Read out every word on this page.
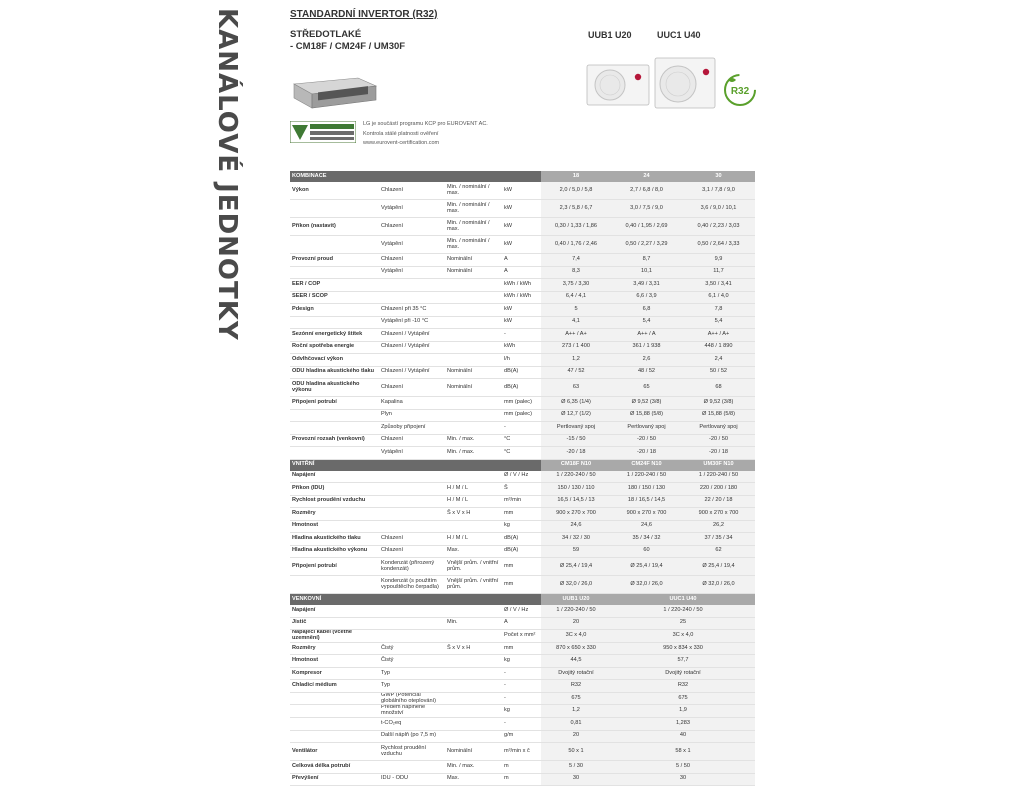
KANÁLOVÉ JEDNOTKY	STANDARDNÍ INVERTOR (R32)
STŘEDOTLAKÉ
- CM18F / CM24F / UM30F
UUB1 U20	UUC1 U40
R32
LG je součástí programu KCP pro EUROVENT AC.
Kontrola stálé platnosti ověření
www.eurovent-certification.com
KOMBINACE				18	24	30
Výkon	Chlazení	Min. / nominální / max.	kW	2,0 / 5,0 / 5,8	2,7 / 6,8 / 8,0	3,1 / 7,8 / 9,0
	Vytápění	Min. / nominální / max.	kW	2,3 / 5,8 / 6,7	3,0 / 7,5 / 9,0	3,6 / 9,0 / 10,1
Příkon (nastavit)	Chlazení	Min. / nominální / max.	kW	0,30 / 1,33 / 1,86	0,40 / 1,95 / 2,69	0,40 / 2,23 / 3,03
	Vytápění	Min. / nominální / max.	kW	0,40 / 1,76 / 2,46	0,50 / 2,27 / 3,29	0,50 / 2,64 / 3,33
Provozní proud	Chlazení	Nominální	A	7,4	8,7	9,9
	Vytápění	Nominální	A	8,3	10,1	11,7
EER / COP			kWh / kWh	3,75 / 3,30	3,49 / 3,31	3,50 / 3,41
SEER / SCOP			kWh / kWh	6,4 / 4,1	6,6 / 3,9	6,1 / 4,0
Pdesign	Chlazení při 35 °C		kW	5	6,8	7,8
	Vytápění při -10 °C		kW	4,1	5,4	5,4
Sezónní energetický štítek	Chlazení / Vytápění		-	A++ / A+	A++ / A	A++ / A+
Roční spotřeba energie	Chlazení / Vytápění		kWh	273 / 1 400	361 / 1 938	448 / 1 890
Odvlhčovací výkon			l/h	1,2	2,6	2,4
ODU hladina akustického tlaku	Chlazení / Vytápění	Nominální	dB(A)	47 / 52	48 / 52	50 / 52
ODU hladina akustického výkonu	Chlazení	Nominální	dB(A)	63	65	68
Připojení potrubí	Kapalina		mm (palec)	Ø 6,35 (1/4)	Ø 9,52 (3/8)	Ø 9,52 (3/8)
	Plyn		mm (palec)	Ø 12,7 (1/2)	Ø 15,88 (5/8)	Ø 15,88 (5/8)
	Způsoby připojení		-	Pertlovaný spoj	Pertlovaný spoj	Pertlovaný spoj
Provozní rozsah (venkovní)	Chlazení	Min. / max.	°C	-15 / 50	-20 / 50	-20 / 50
	Vytápění	Min. / max.	°C	-20 / 18	-20 / 18	-20 / 18
VNITŘNÍ				CM18F N10	CM24F N10	UM30F N10
Napájení			Ø / V / Hz	1 / 220-240 / 50	1 / 220-240 / 50	1 / 220-240 / 50
Příkon (IDU)		H / M / L	Š	150 / 130 / 110	180 / 150 / 130	220 / 200 / 180
Rychlost proudění vzduchu		H / M / L	m³/min	16,5 / 14,5 / 13	18 / 16,5 / 14,5	22 / 20 / 18
Rozměry		Š x V x H	mm	900 x 270 x 700	900 x 270 x 700	900 x 270 x 700
Hmotnost			kg	24,6	24,6	26,2
Hladina akustického tlaku	Chlazení	H / M / L	dB(A)	34 / 32 / 30	35 / 34 / 32	37 / 35 / 34
Hladina akustického výkonu	Chlazení	Max.	dB(A)	59	60	62
Připojení potrubí	Kondenzát (přirozený kondenzát)	Vnější prům. / vnitřní prům.	mm	Ø 25,4 / 19,4	Ø 25,4 / 19,4	Ø 25,4 / 19,4
	Kondenzát (s použitím vypouštěcího čerpadla)	Vnější prům. / vnitřní prům.	mm	Ø 32,0 / 26,0	Ø 32,0 / 26,0	Ø 32,0 / 26,0
VENKOVNÍ				UUB1 U20	UUC1 U40	
Napájení			Ø / V / Hz	1 / 220-240 / 50	1 / 220-240 / 50	
Jistič		Min.	A	20	25	
Napájecí kabel (včetně uzemnění)			Počet x mm²	3C x 4,0	3C x 4,0	
Rozměry	Čistý	Š x V x H	mm	870 x 650 x 330	950 x 834 x 330	
Hmotnost	Čistý		kg	44,5	57,7	
Kompresor	Typ		-	Dvojitý rotační	Dvojitý rotační	
Chladicí médium	Typ		-	R32	R32	
	GWP (Potenciál globálního oteplování)		-	675	675	
	Předem naplněné množství		kg	1,2	1,9	
	t-CO₂eq		-	0,81	1,283	
	Další náplň (po 7,5 m)		g/m	20	40	
Ventilátor	Rychlost proudění vzduchu	Nominální	m³/min x č	50 x 1	58 x 1	
Celková délka potrubí		Min. / max.	m	5 / 30	5 / 50	
Převýšení	IDU - ODU	Max.	m	30	30	
